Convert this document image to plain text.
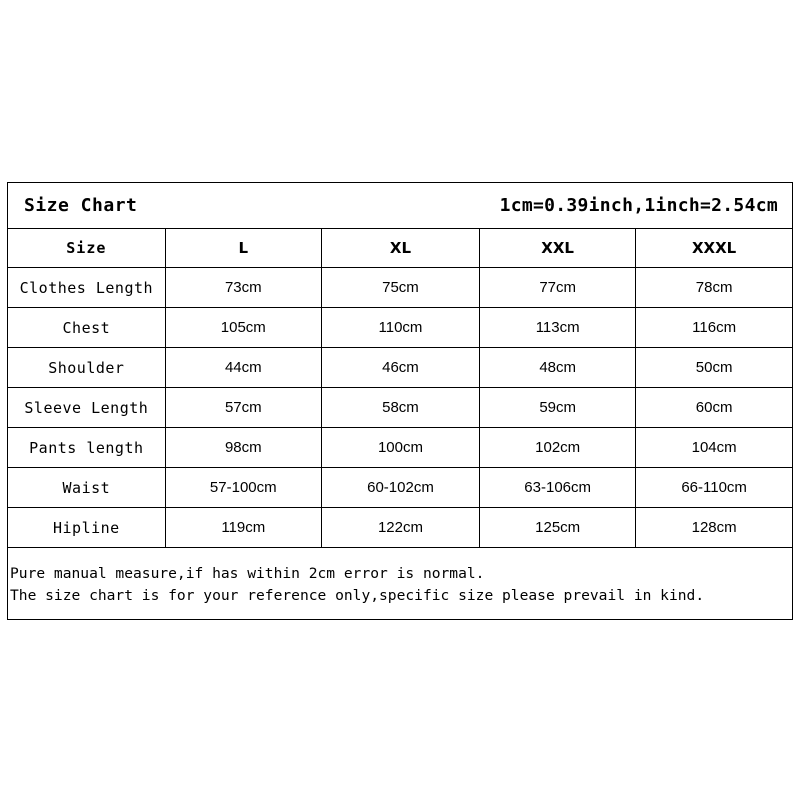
Size Chart	1cm=0.39inch,1inch=2.54cm
Size	L	XL	XXL	XXXL
Clothes Length	73cm	75cm	77cm	78cm
Chest	105cm	110cm	113cm	116cm
Shoulder	44cm	46cm	48cm	50cm
Sleeve Length	57cm	58cm	59cm	60cm
Pants length	98cm	100cm	102cm	104cm
Waist	57-100cm	60-102cm	63-106cm	66-110cm
Hipline	119cm	122cm	125cm	128cm
Pure manual measure,if has within 2cm error is normal.
The size chart is for your reference only,specific size please prevail in kind.
